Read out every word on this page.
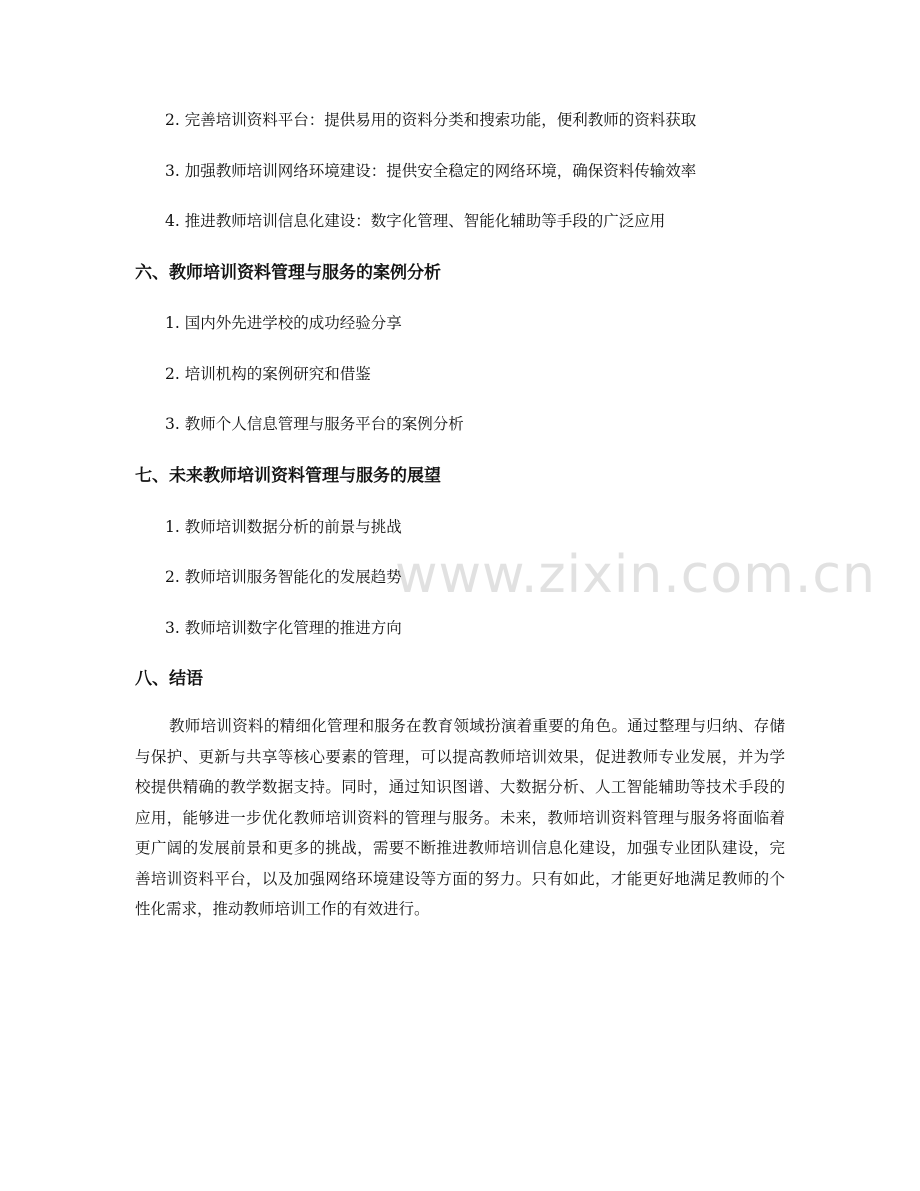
2. 完善培训资料平台：提供易用的资料分类和搜索功能，便利教师的资料获取
3. 加强教师培训网络环境建设：提供安全稳定的网络环境，确保资料传输效率
4. 推进教师培训信息化建设：数字化管理、智能化辅助等手段的广泛应用
六、教师培训资料管理与服务的案例分析
1. 国内外先进学校的成功经验分享
2. 培训机构的案例研究和借鉴
3. 教师个人信息管理与服务平台的案例分析
七、未来教师培训资料管理与服务的展望
1. 教师培训数据分析的前景与挑战
2. 教师培训服务智能化的发展趋势
3. 教师培训数字化管理的推进方向
八、结语
教师培训资料的精细化管理和服务在教育领域扮演着重要的角色。通过整理与归纳、存储与保护、更新与共享等核心要素的管理，可以提高教师培训效果，促进教师专业发展，并为学校提供精确的教学数据支持。同时，通过知识图谱、大数据分析、人工智能辅助等技术手段的应用，能够进一步优化教师培训资料的管理与服务。未来，教师培训资料管理与服务将面临着更广阔的发展前景和更多的挑战，需要不断推进教师培训信息化建设，加强专业团队建设，完善培训资料平台，以及加强网络环境建设等方面的努力。只有如此，才能更好地满足教师的个性化需求，推动教师培训工作的有效进行。
www.zixin.com.cn
